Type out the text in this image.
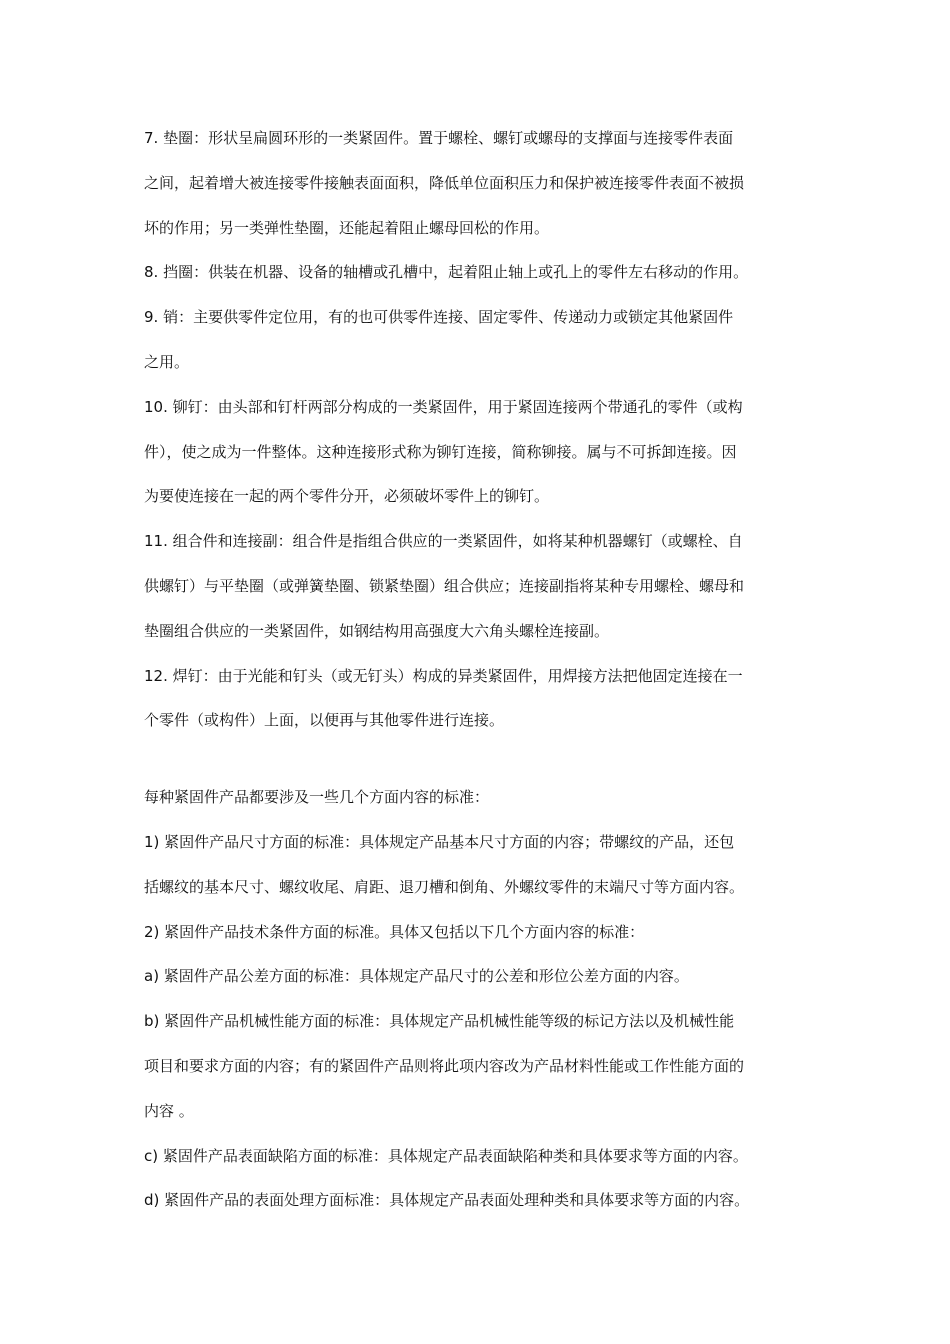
7. 垫圈：形状呈扁圆环形的一类紧固件。置于螺栓、螺钉或螺母的支撑面与连接零件表面
之间，起着增大被连接零件接触表面面积，降低单位面积压力和保护被连接零件表面不被损
坏的作用；另一类弹性垫圈，还能起着阻止螺母回松的作用。
8. 挡圈：供装在机器、设备的轴槽或孔槽中，起着阻止轴上或孔上的零件左右移动的作用。
9. 销：主要供零件定位用，有的也可供零件连接、固定零件、传递动力或锁定其他紧固件
之用。
10. 铆钉：由头部和钉杆两部分构成的一类紧固件，用于紧固连接两个带通孔的零件（或构
件），使之成为一件整体。这种连接形式称为铆钉连接，简称铆接。属与不可拆卸连接。因
为要使连接在一起的两个零件分开，必须破坏零件上的铆钉。
11. 组合件和连接副：组合件是指组合供应的一类紧固件，如将某种机器螺钉（或螺栓、自
供螺钉）与平垫圈（或弹簧垫圈、锁紧垫圈）组合供应；连接副指将某种专用螺栓、螺母和
垫圈组合供应的一类紧固件，如钢结构用高强度大六角头螺栓连接副。
12. 焊钉：由于光能和钉头（或无钉头）构成的异类紧固件，用焊接方法把他固定连接在一
个零件（或构件）上面，以便再与其他零件进行连接。
每种紧固件产品都要涉及一些几个方面内容的标准：
1) 紧固件产品尺寸方面的标准：具体规定产品基本尺寸方面的内容；带螺纹的产品，还包
括螺纹的基本尺寸、螺纹收尾、肩距、退刀槽和倒角、外螺纹零件的末端尺寸等方面内容。
2) 紧固件产品技术条件方面的标准。具体又包括以下几个方面内容的标准：
a) 紧固件产品公差方面的标准：具体规定产品尺寸的公差和形位公差方面的内容。
b) 紧固件产品机械性能方面的标准：具体规定产品机械性能等级的标记方法以及机械性能
项目和要求方面的内容；有的紧固件产品则将此项内容改为产品材料性能或工作性能方面的
内容 。
c) 紧固件产品表面缺陷方面的标准：具体规定产品表面缺陷种类和具体要求等方面的内容。
d) 紧固件产品的表面处理方面标准：具体规定产品表面处理种类和具体要求等方面的内容。
